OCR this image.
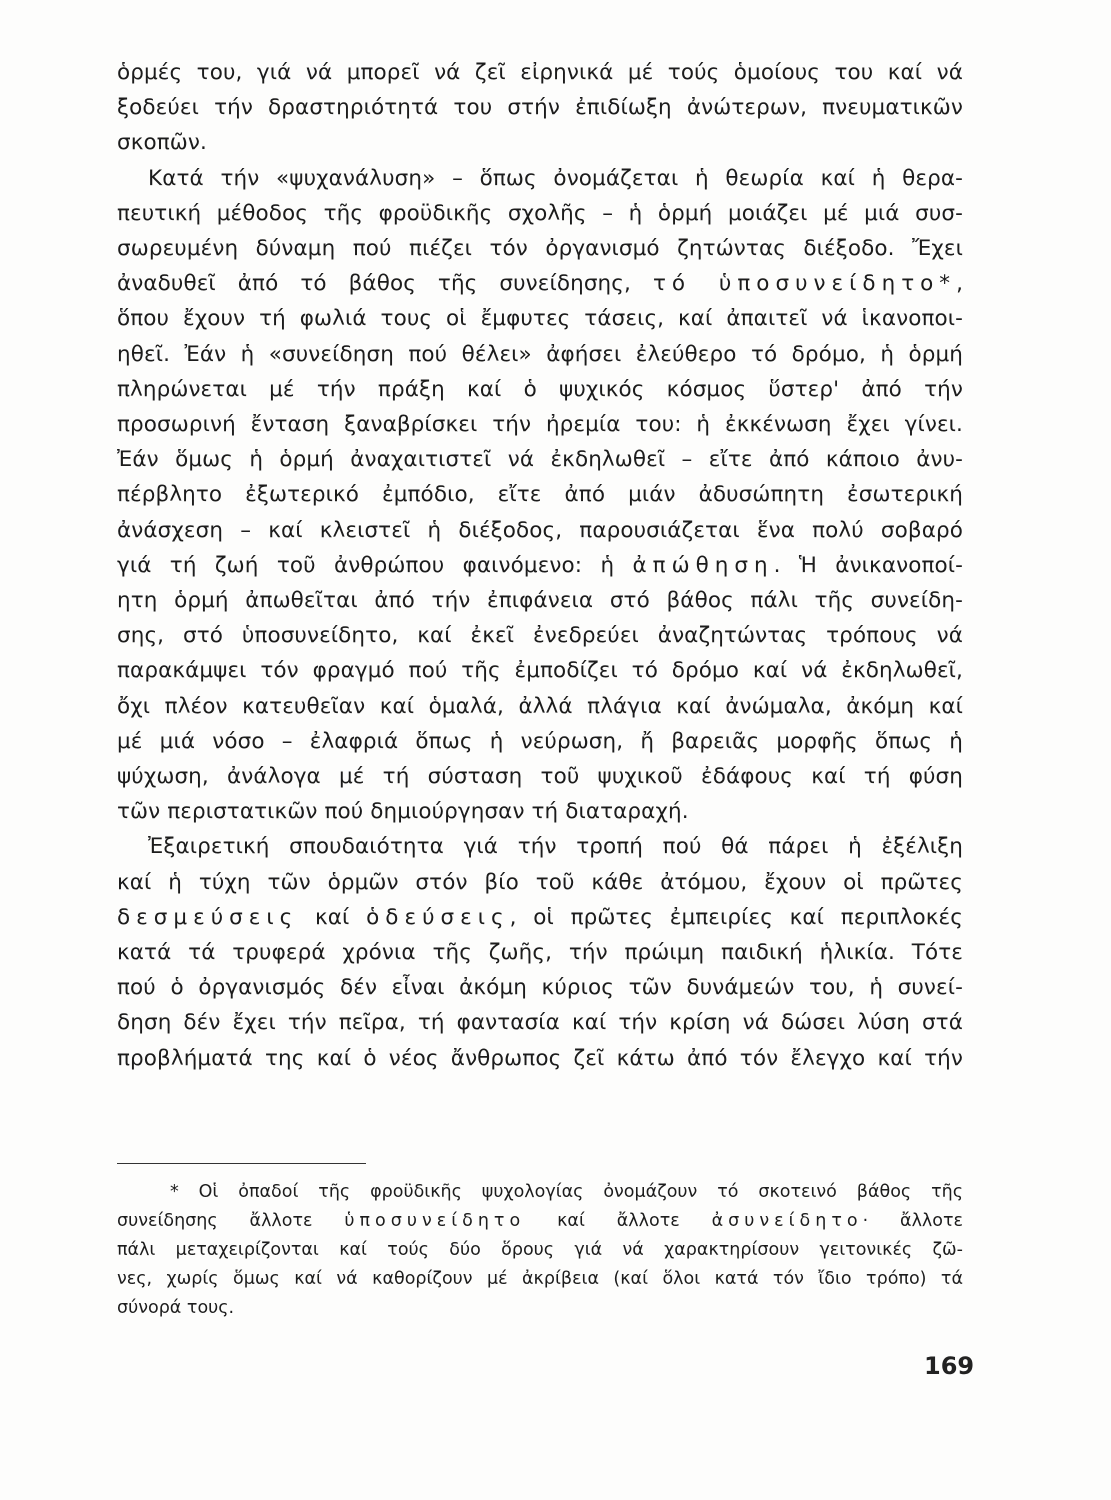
ὁρμές του, γιά νά μπορεῖ νά ζεῖ εἰρηνικά μέ τούς ὁμοίους του καί νά
ξοδεύει τήν δραστηριότητά του στήν ἐπιδίωξη ἀνώτερων, πνευματικῶν
σκοπῶν.
Κατά τήν «ψυχανάλυση» – ὅπως ὀνομάζεται ἡ θεωρία καί ἡ θερα-
πευτική μέθοδος τῆς φροϋδικῆς σχολῆς – ἡ ὁρμή μοιάζει μέ μιά συσ-
σωρευμένη δύναμη πού πιέζει τόν ὀργανισμό ζητώντας διέξοδο. Ἔχει
ἀναδυθεῖ ἀπό τό βάθος τῆς συνείδησης, τό ὑποσυνείδητο*,
ὅπου ἔχουν τή φωλιά τους οἱ ἔμφυτες τάσεις, καί ἀπαιτεῖ νά ἱκανοποι-
ηθεῖ. Ἐάν ἡ «συνείδηση πού θέλει» ἀφήσει ἐλεύθερο τό δρόμο, ἡ ὁρμή
πληρώνεται μέ τήν πράξη καί ὁ ψυχικός κόσμος ὕστερ' ἀπό τήν
προσωρινή ἔνταση ξαναβρίσκει τήν ἠρεμία του: ἡ ἐκκένωση ἔχει γίνει.
Ἐάν ὅμως ἡ ὁρμή ἀναχαιτιστεῖ νά ἐκδηλωθεῖ – εἴτε ἀπό κάποιο ἀνυ-
πέρβλητο ἐξωτερικό ἐμπόδιο, εἴτε ἀπό μιάν ἀδυσώπητη ἐσωτερική
ἀνάσχεση – καί κλειστεῖ ἡ διέξοδος, παρουσιάζεται ἕνα πολύ σοβαρό
γιά τή ζωή τοῦ ἀνθρώπου φαινόμενο: ἡ ἀπώθηση. Ἡ ἀνικανοποί-
ητη ὁρμή ἀπωθεῖται ἀπό τήν ἐπιφάνεια στό βάθος πάλι τῆς συνείδη-
σης, στό ὑποσυνείδητο, καί ἐκεῖ ἐνεδρεύει ἀναζητώντας τρόπους νά
παρακάμψει τόν φραγμό πού τῆς ἐμποδίζει τό δρόμο καί νά ἐκδηλωθεῖ,
ὄχι πλέον κατευθεῖαν καί ὁμαλά, ἀλλά πλάγια καί ἀνώμαλα, ἀκόμη καί
μέ μιά νόσο – ἐλαφριά ὅπως ἡ νεύρωση, ἤ βαρειᾶς μορφῆς ὅπως ἡ
ψύχωση, ἀνάλογα μέ τή σύσταση τοῦ ψυχικοῦ ἐδάφους καί τή φύση
τῶν περιστατικῶν πού δημιούργησαν τή διαταραχή.
Ἐξαιρετική σπουδαιότητα γιά τήν τροπή πού θά πάρει ἡ ἐξέλιξη
καί ἡ τύχη τῶν ὁρμῶν στόν βίο τοῦ κάθε ἀτόμου, ἔχουν οἱ πρῶτες
δεσμεύσεις καί ὁδεύσεις, οἱ πρῶτες ἐμπειρίες καί περιπλοκές
κατά τά τρυφερά χρόνια τῆς ζωῆς, τήν πρώιμη παιδική ἡλικία. Τότε
πού ὁ ὀργανισμός δέν εἶναι ἀκόμη κύριος τῶν δυνάμεών του, ἡ συνεί-
δηση δέν ἔχει τήν πεῖρα, τή φαντασία καί τήν κρίση νά δώσει λύση στά
προβλήματά της καί ὁ νέος ἄνθρωπος ζεῖ κάτω ἀπό τόν ἔλεγχο καί τήν
* Οἱ ὀπαδοί τῆς φροϋδικῆς ψυχολογίας ὀνομάζουν τό σκοτεινό βάθος τῆς
συνείδησης ἄλλοτε ὑποσυνείδητο καί ἄλλοτε ἀσυνείδητο· ἄλλοτε
πάλι μεταχειρίζονται καί τούς δύο ὅρους γιά νά χαρακτηρίσουν γειτονικές ζῶ-
νες, χωρίς ὅμως καί νά καθορίζουν μέ ἀκρίβεια (καί ὅλοι κατά τόν ἴδιο τρόπο) τά
σύνορά τους.
169
